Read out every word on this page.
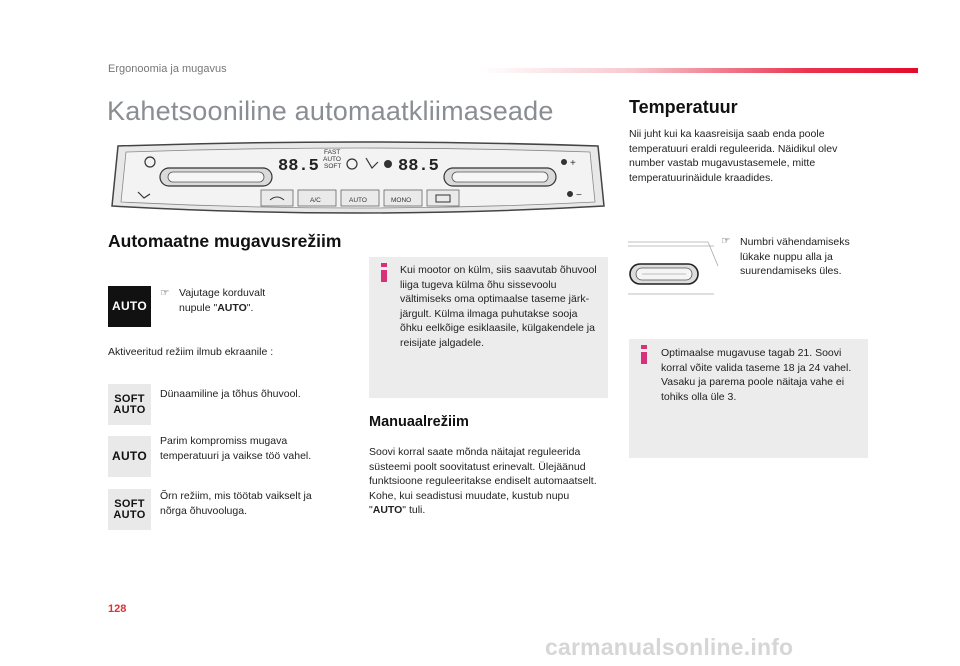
Ergonoomia ja mugavus
Kahetsooniline automaatkliimaseade
88.5
FAST
AUTO
SOFT	88.5	+
−
A/C	AUTO	MONO
Automaatne mugavusrežiim
AUTO
☞ Vajutage korduvalt
nupule "AUTO".
Aktiveeritud režiim ilmub ekraanile :
SOFT
AUTO
Dünaamiline ja tõhus õhuvool.
AUTO
Parim kompromiss mugava temperatuuri ja vaikse töö vahel.
SOFT
AUTO
Õrn režiim, mis töötab vaikselt ja nõrga õhuvooluga.
Kui mootor on külm, siis saavutab õhuvool liiga tugeva külma õhu sissevoolu vältimiseks oma optimaalse taseme järk-järgult. Külma ilmaga puhutakse sooja õhku eelkõige esiklaasile, külgakendele ja reisijate jalgadele.
Manuaalrežiim
Soovi korral saate mõnda näitajat reguleerida süsteemi poolt soovitatust erinevalt. Ülejäänud funktsioone reguleeritakse endiselt automaatselt. Kohe, kui seadistusi muudate, kustub nupu "AUTO" tuli.
Temperatuur
Nii juht kui ka kaasreisija saab enda poole temperatuuri eraldi reguleerida. Näidikul olev number vastab mugavustasemele, mitte temperatuurinäidule kraadides.
☞ Numbri vähendamiseks lükake nuppu alla ja suurendamiseks üles.
Optimaalse mugavuse tagab 21. Soovi korral võite valida taseme 18 ja 24 vahel. Vasaku ja parema poole näitaja vahe ei tohiks olla üle 3.
128
carmanualsonline.info
